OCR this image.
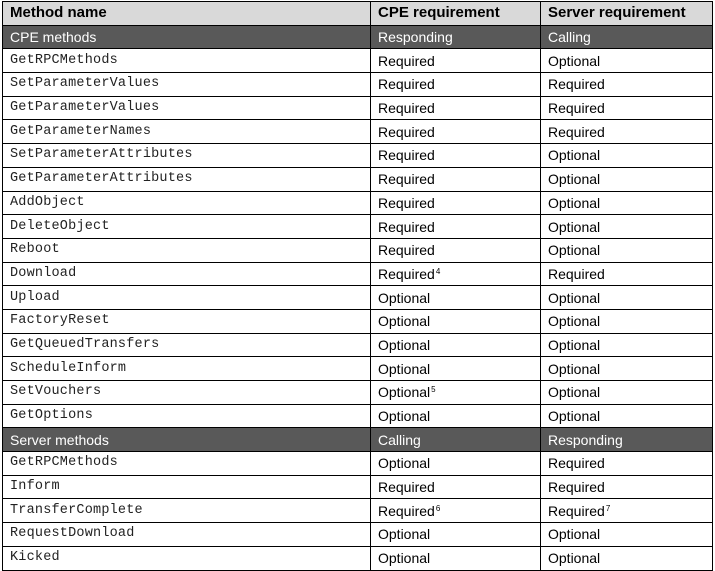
Method name	CPE requirement	Server requirement
CPE methods	Responding	Calling
GetRPCMethods	Required	Optional
SetParameterValues	Required	Required
GetParameterValues	Required	Required
GetParameterNames	Required	Required
SetParameterAttributes	Required	Optional
GetParameterAttributes	Required	Optional
AddObject	Required	Optional
DeleteObject	Required	Optional
Reboot	Required	Optional
Download	Required$^4$	Required
Upload	Optional	Optional
FactoryReset	Optional	Optional
GetQueuedTransfers	Optional	Optional
ScheduleInform	Optional	Optional
SetVouchers	Optional$^5$	Optional
GetOptions	Optional	Optional
Server methods	Calling	Responding
GetRPCMethods	Optional	Required
Inform	Required	Required
TransferComplete	Required$^6$	Required$^7$
RequestDownload	Optional	Optional
Kicked	Optional	Optional
